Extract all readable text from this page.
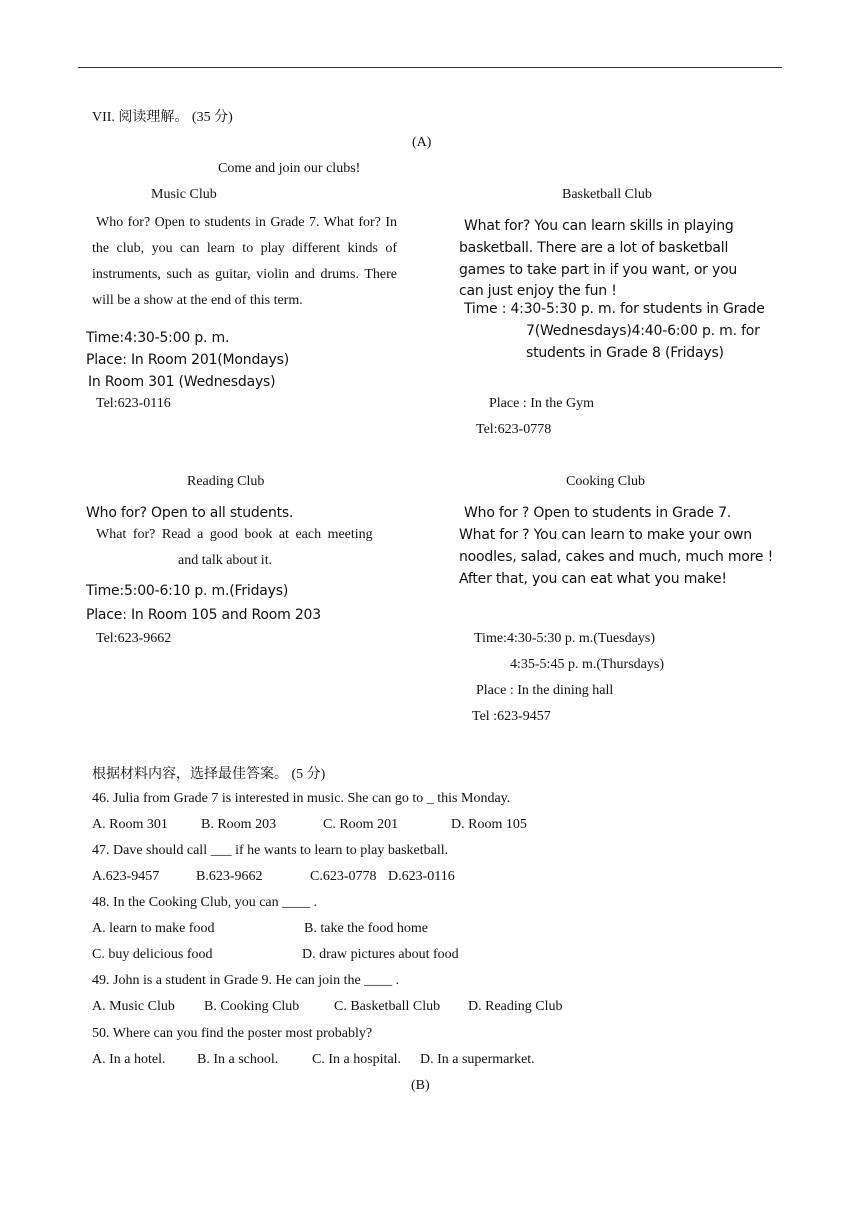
VII. 阅读理解。 (35 分)
(A)
Come and join our clubs!
Music Club
Who for? Open to students in Grade 7. What for? In the club, you can learn to play different kinds of instruments, such as guitar, violin and drums. There will be a show at the end of this term.
Time:4:30-5:00 p. m.
Place: In Room 201(Mondays)
In Room 301 (Wednesdays)
Tel:623-0116
Basketball Club
What for? You can learn skills in playing
basketball. There are a lot of basketball
games to take part in if you want, or you
can just enjoy the fun !
Time : 4:30-5:30 p. m. for students in Grade
7(Wednesdays)4:40-6:00 p. m. for
students in Grade 8 (Fridays)
Place : In the Gym
Tel:623-0778
Reading Club
Who for? Open to all students.
What for? Read a good book at each meeting
and talk about it.
Time:5:00-6:10 p. m.(Fridays)
Place: In Room 105 and Room 203
Tel:623-9662
Cooking Club
Who for ? Open to students in Grade 7.
What for ? You can learn to make your own
noodles, salad, cakes and much, much more !
After that, you can eat what you make!
Time:4:30-5:30 p. m.(Tuesdays)
4:35-5:45 p. m.(Thursdays)
Place : In the dining hall
Tel :623-9457
根据材料内容，选择最佳答案。 (5 分)
46. Julia from Grade 7 is interested in music. She can go to _ this Monday.
A. Room 301 B. Room 203	C. Room 201	D. Room 105
47. Dave should call ___ if he wants to learn to play basketball.
A.623-9457	B.623-9662	C.623-0778 D.623-0116
48. In the Cooking Club, you can ____ .
A. learn to make food	B. take the food home
C. buy delicious food	D. draw pictures about food
49. John is a student in Grade 9. He can join the ____ .
A. Music Club B. Cooking Club C. Basketball Club D. Reading Club
50. Where can you find the poster most probably?
A. In a hotel. B. In a school. C. In a hospital. D. In a supermarket.
(B)
